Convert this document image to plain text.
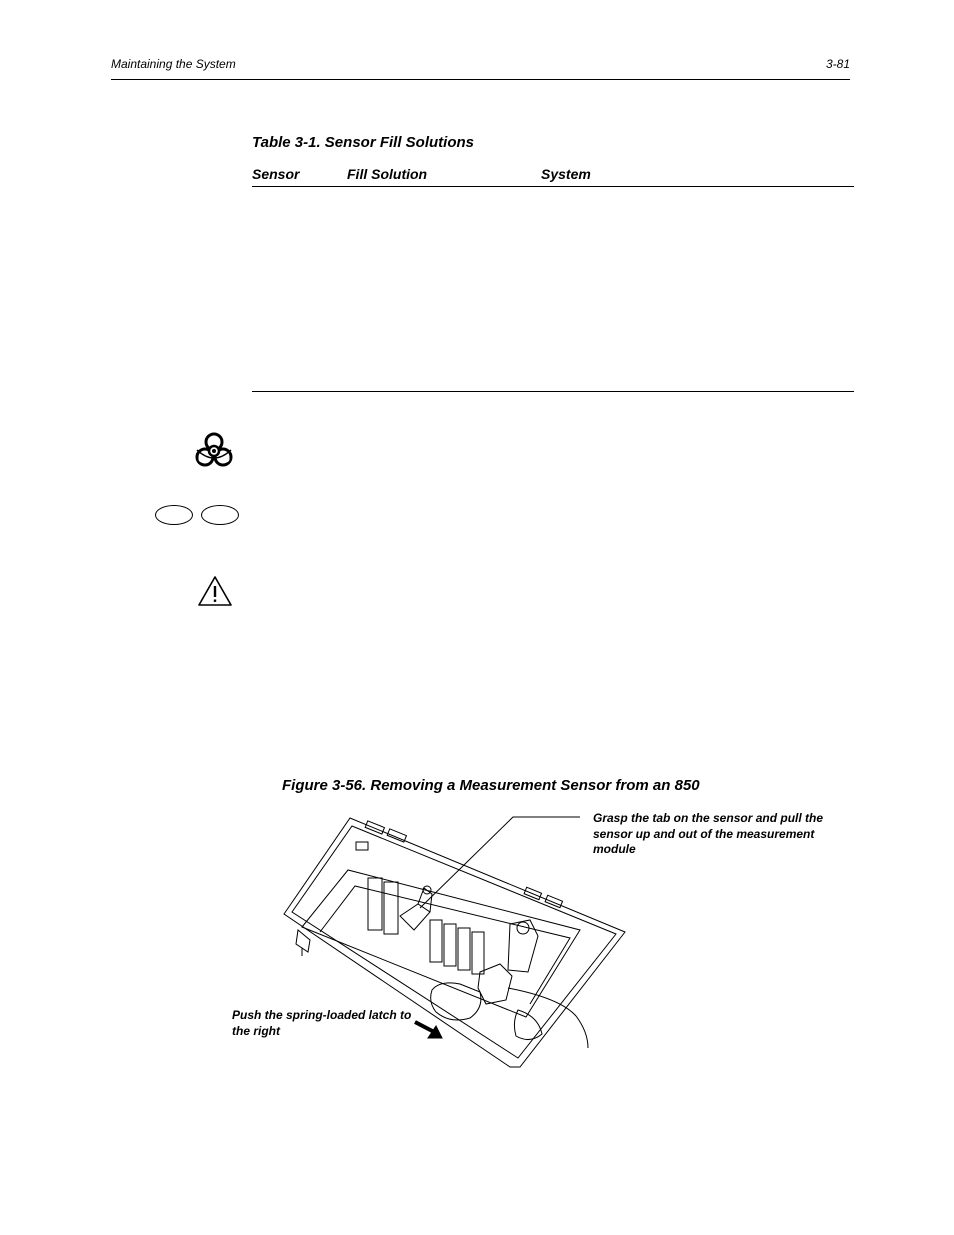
Maintaining the System	3-81
Table 3-1. Sensor Fill Solutions
Sensor	Fill Solution	System
Figure 3-56. Removing a Measurement Sensor from an 850
Grasp the tab on the sensor and pull the sensor up and out of the measurement module
Push the spring-loaded latch to the right
